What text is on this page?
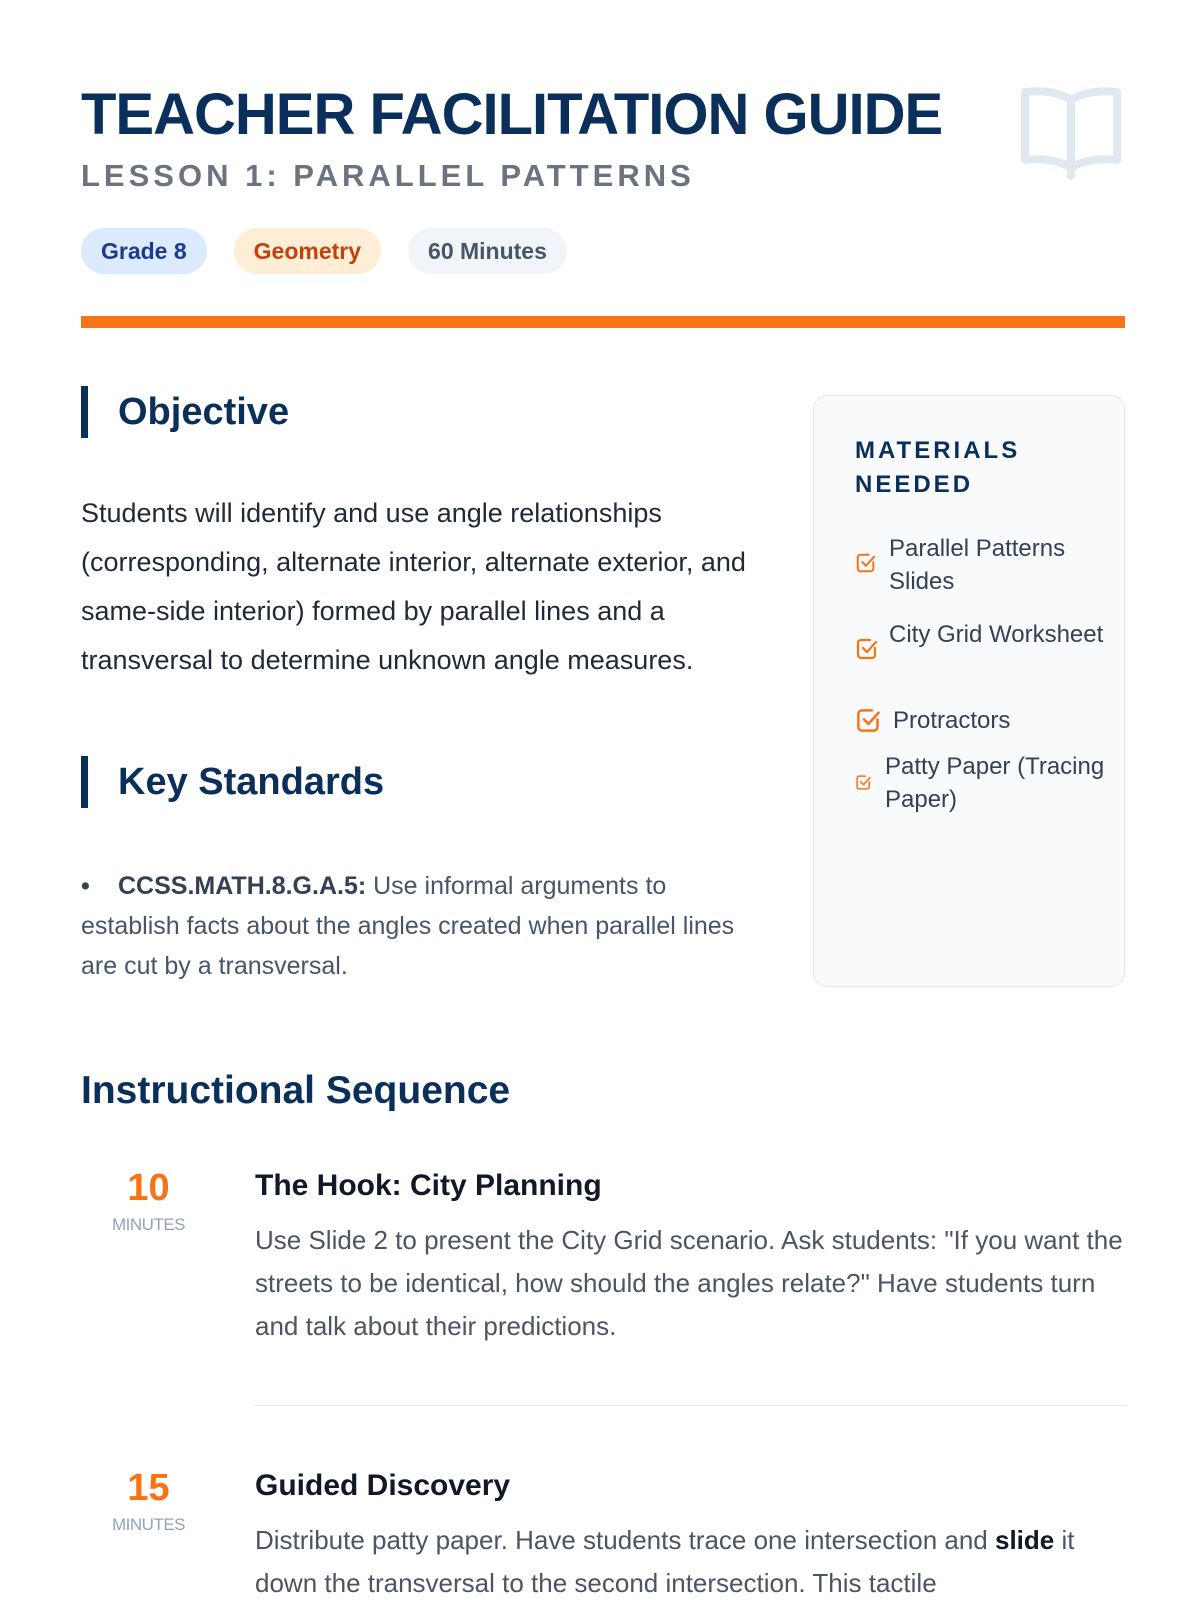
TEACHER FACILITATION GUIDE
LESSON 1: PARALLEL PATTERNS
Grade 8	Geometry	60 Minutes
Objective

Students will identify and use angle relationships (corresponding, alternate interior, alternate exterior, and same-side interior) formed by parallel lines and a transversal to determine unknown angle measures.

Key Standards
• CCSS.MATH.8.G.A.5: Use informal arguments to establish facts about the angles created when parallel lines are cut by a transversal.
MATERIALS NEEDED
Parallel Patterns Slides
City Grid Worksheet
Protractors
Patty Paper (Tracing Paper)
Instructional Sequence
10
MINUTES
The Hook: City Planning

Use Slide 2 to present the City Grid scenario. Ask students: "If you want the streets to be identical, how should the angles relate?" Have students turn and talk about their predictions.

15
MINUTES
Guided Discovery

Distribute patty paper. Have students trace one intersection and slide it down the transversal to the second intersection. This tactile
